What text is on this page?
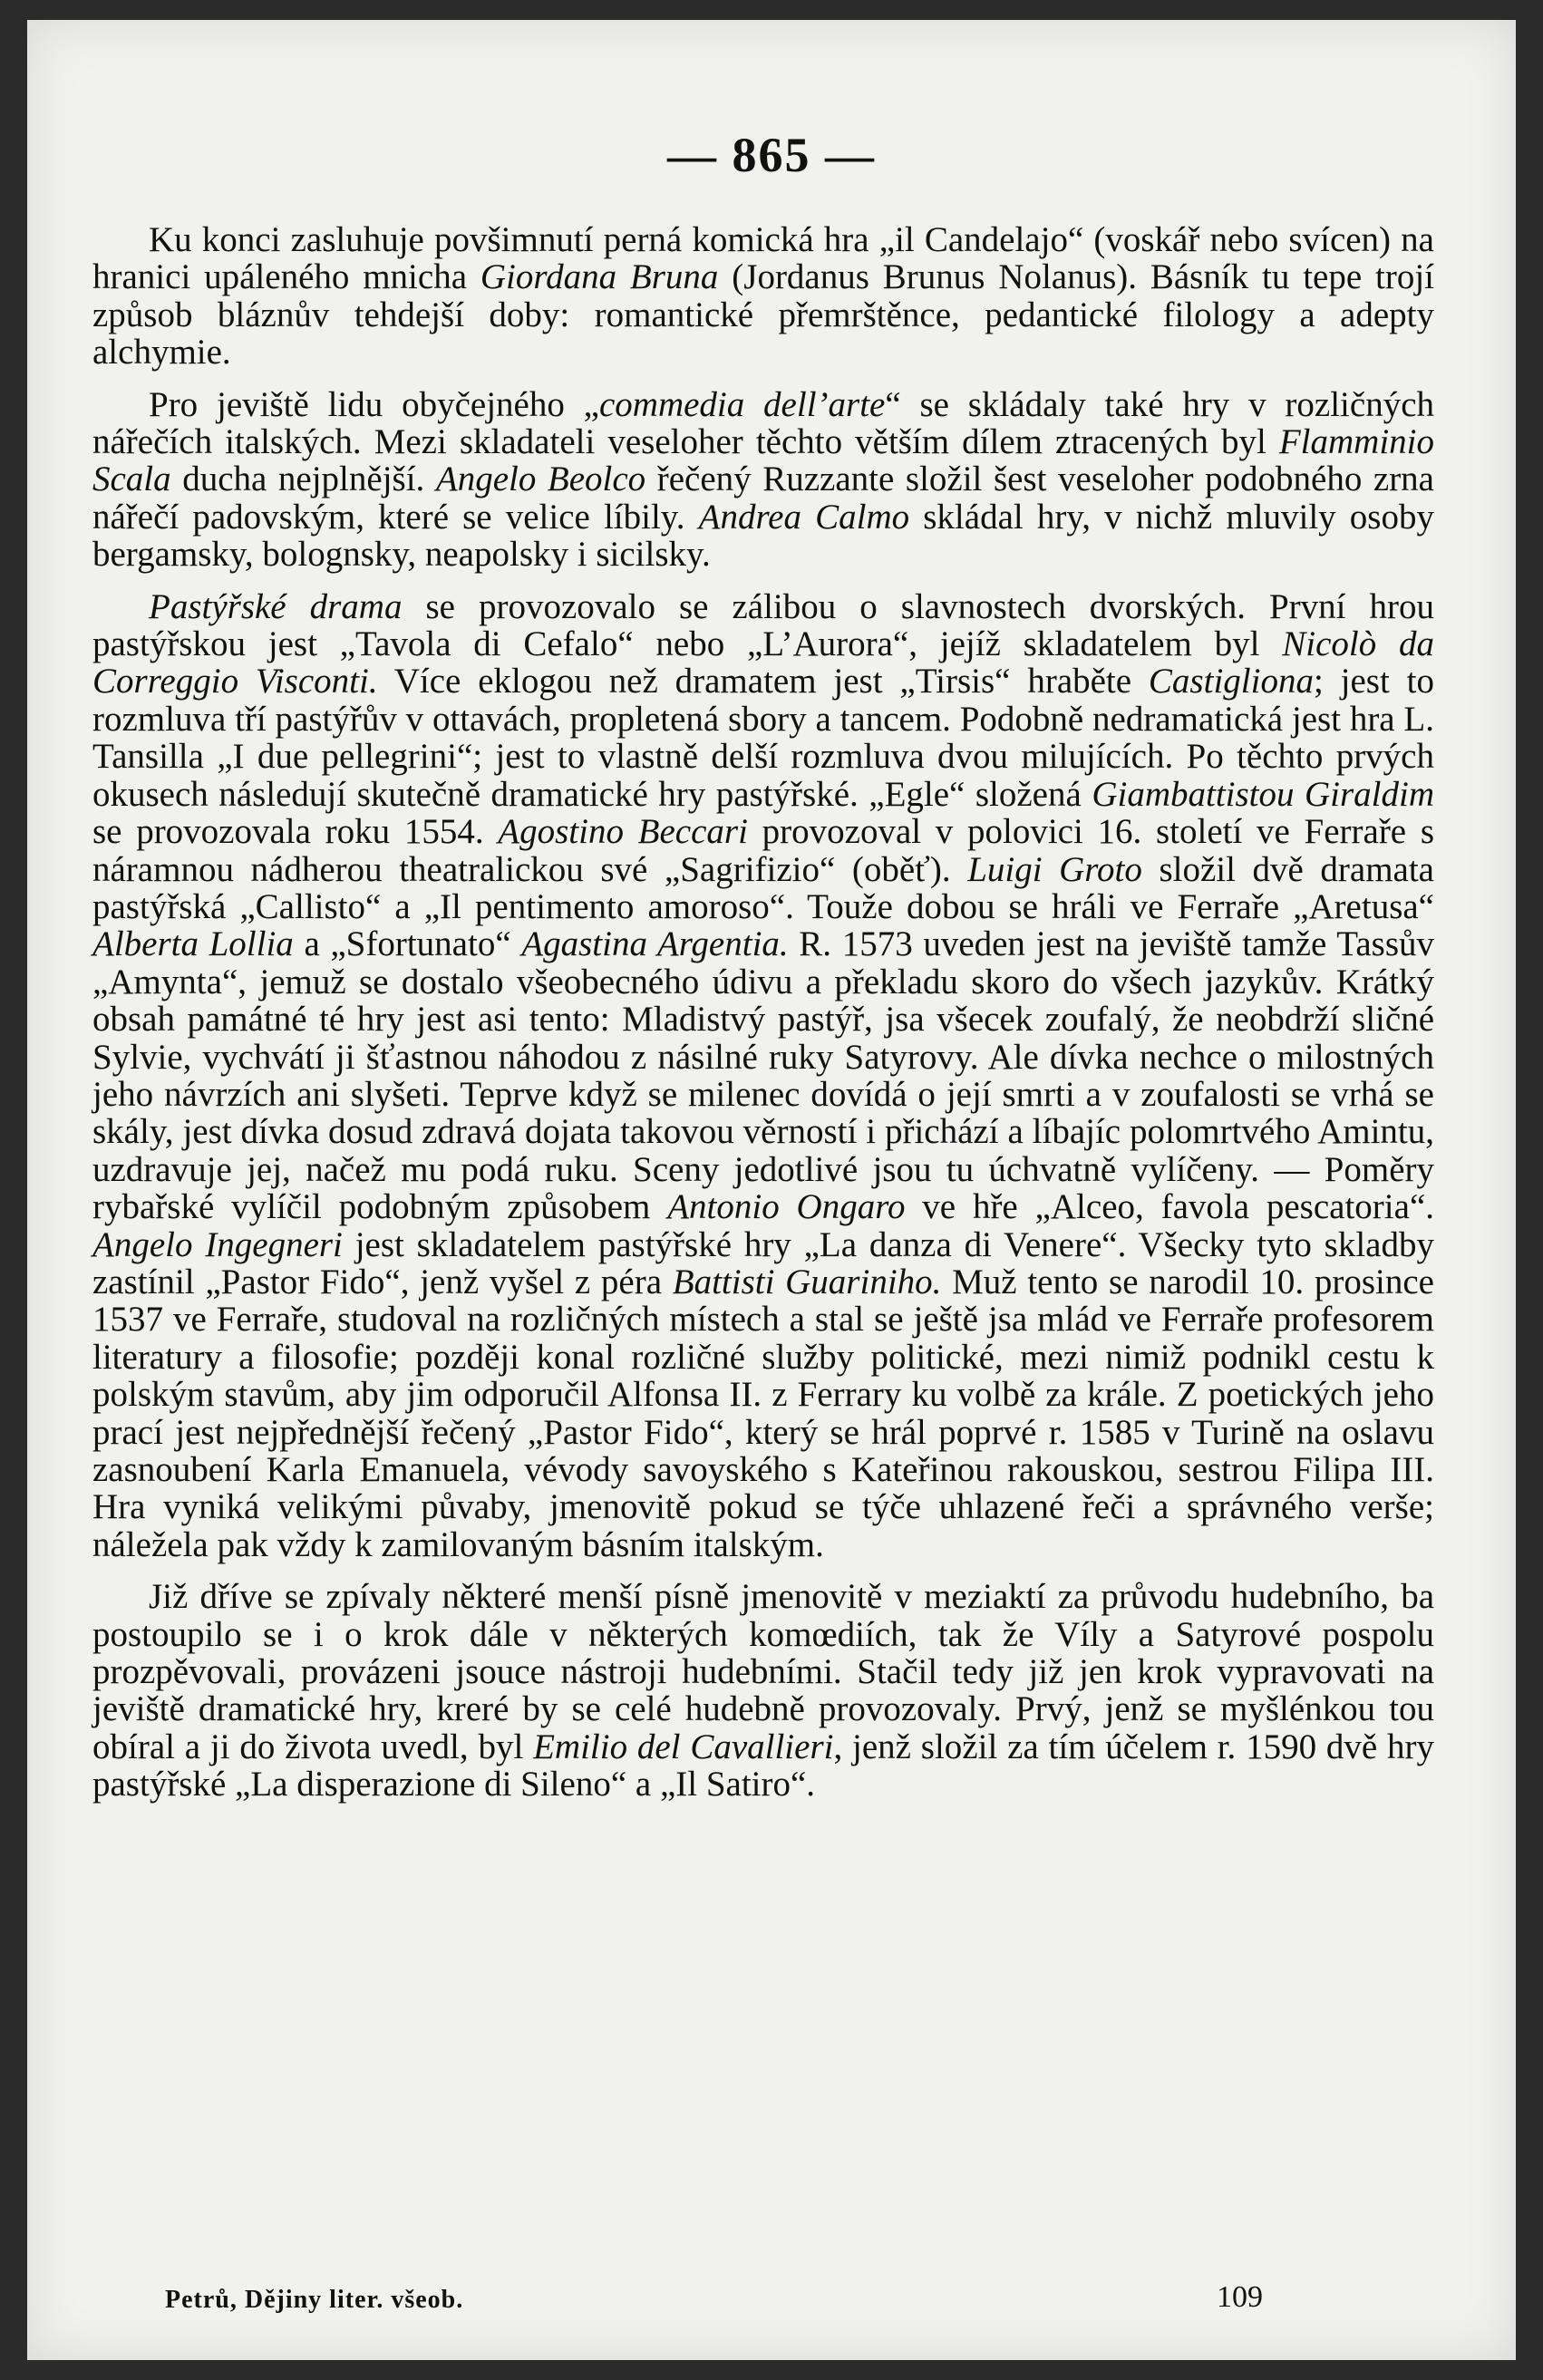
— 865 —

Ku konci zasluhuje povšimnutí perná komická hra „il Candelajo“ (voskář nebo svícen) na hranici upáleného mnicha Giordana Bruna (Jordanus Brunus Nolanus). Básník tu tepe trojí způsob bláznův tehdejší doby: romantické přemrštěnce, pedantické filology a adepty alchymie.

Pro jeviště lidu obyčejného „commedia dell’arte“ se skládaly také hry v rozličných nářečích italských. Mezi skladateli veseloher těchto větším dílem ztracených byl Flamminio Scala ducha nejplnější. Angelo Beolco řečený Ruzzante složil šest veseloher podobného zrna nářečí padovským, které se velice líbily. Andrea Calmo skládal hry, v nichž mluvily osoby bergamsky, bolognsky, neapolsky i sicilsky.

Pastýřské drama se provozovalo se zálibou o slavnostech dvorských. První hrou pastýřskou jest „Tavola di Cefalo“ nebo „L’Aurora“, jejíž skladatelem byl Nicolò da Correggio Visconti. Více eklogou než dramatem jest „Tirsis“ hraběte Castigliona; jest to rozmluva tří pastýřův v ottavách, propletená sbory a tancem. Podobně nedramatická jest hra L. Tansilla „I due pellegrini“; jest to vlastně delší rozmluva dvou milujících. Po těchto prvých okusech následují skutečně dramatické hry pastýřské. „Egle“ složená Giambattistou Giraldim se provozovala roku 1554. Agostino Beccari provozoval v polovici 16. století ve Ferraře s náramnou nádherou theatralickou své „Sagrifizio“ (oběť). Luigi Groto složil dvě dramata pastýřská „Callisto“ a „Il pentimento amoroso“. Touže dobou se hráli ve Ferraře „Aretusa“ Alberta Lollia a „Sfortunato“ Agastina Argentia. R. 1573 uveden jest na jeviště tamže Tassův „Amynta“, jemuž se dostalo všeobecného údivu a překladu skoro do všech jazykův. Krátký obsah památné té hry jest asi tento: Mladistvý pastýř, jsa všecek zoufalý, že neobdrží sličné Sylvie, vychvátí ji šťastnou náhodou z násilné ruky Satyrovy. Ale dívka nechce o milostných jeho návrzích ani slyšeti. Teprve když se milenec dovídá o její smrti a v zoufalosti se vrhá se skály, jest dívka dosud zdravá dojata takovou věrností i přichází a líbajíc polomrtvého Amintu, uzdravuje jej, načež mu podá ruku. Sceny jedotlivé jsou tu úchvatně vylíčeny. — Poměry rybařské vylíčil podobným způsobem Antonio Ongaro ve hře „Alceo, favola pescatoria“. Angelo Ingegneri jest skladatelem pastýřské hry „La danza di Venere“. Všecky tyto skladby zastínil „Pastor Fido“, jenž vyšel z péra Battisti Guariniho. Muž tento se narodil 10. prosince 1537 ve Ferraře, studoval na rozličných místech a stal se ještě jsa mlád ve Ferraře profesorem literatury a filosofie; později konal rozličné služby politické, mezi nimiž podnikl cestu k polským stavům, aby jim odporučil Alfonsa II. z Ferrary ku volbě za krále. Z poetických jeho prací jest nejpřednější řečený „Pastor Fido“, který se hrál poprvé r. 1585 v Turině na oslavu zasnoubení Karla Emanuela, vévody savoyského s Kateřinou rakouskou, sestrou Filipa III. Hra vyniká velikými půvaby, jmenovitě pokud se týče uhlazené řeči a správného verše; náležela pak vždy k zamilovaným básním italským.

Již dříve se zpívaly některé menší písně jmenovitě v meziaktí za průvodu hudebního, ba postoupilo se i o krok dále v některých komœdiích, tak že Víly a Satyrové pospolu prozpěvovali, provázeni jsouce nástroji hudebními. Stačil tedy již jen krok vypravovati na jeviště dramatické hry, kreré by se celé hudebně provozovaly. Prvý, jenž se myšlénkou tou obíral a ji do života uvedl, byl Emilio del Cavallieri, jenž složil za tím účelem r. 1590 dvě hry pastýřské „La disperazione di Sileno“ a „Il Satiro“.

Petrů, Dějiny liter. všeob.	109
